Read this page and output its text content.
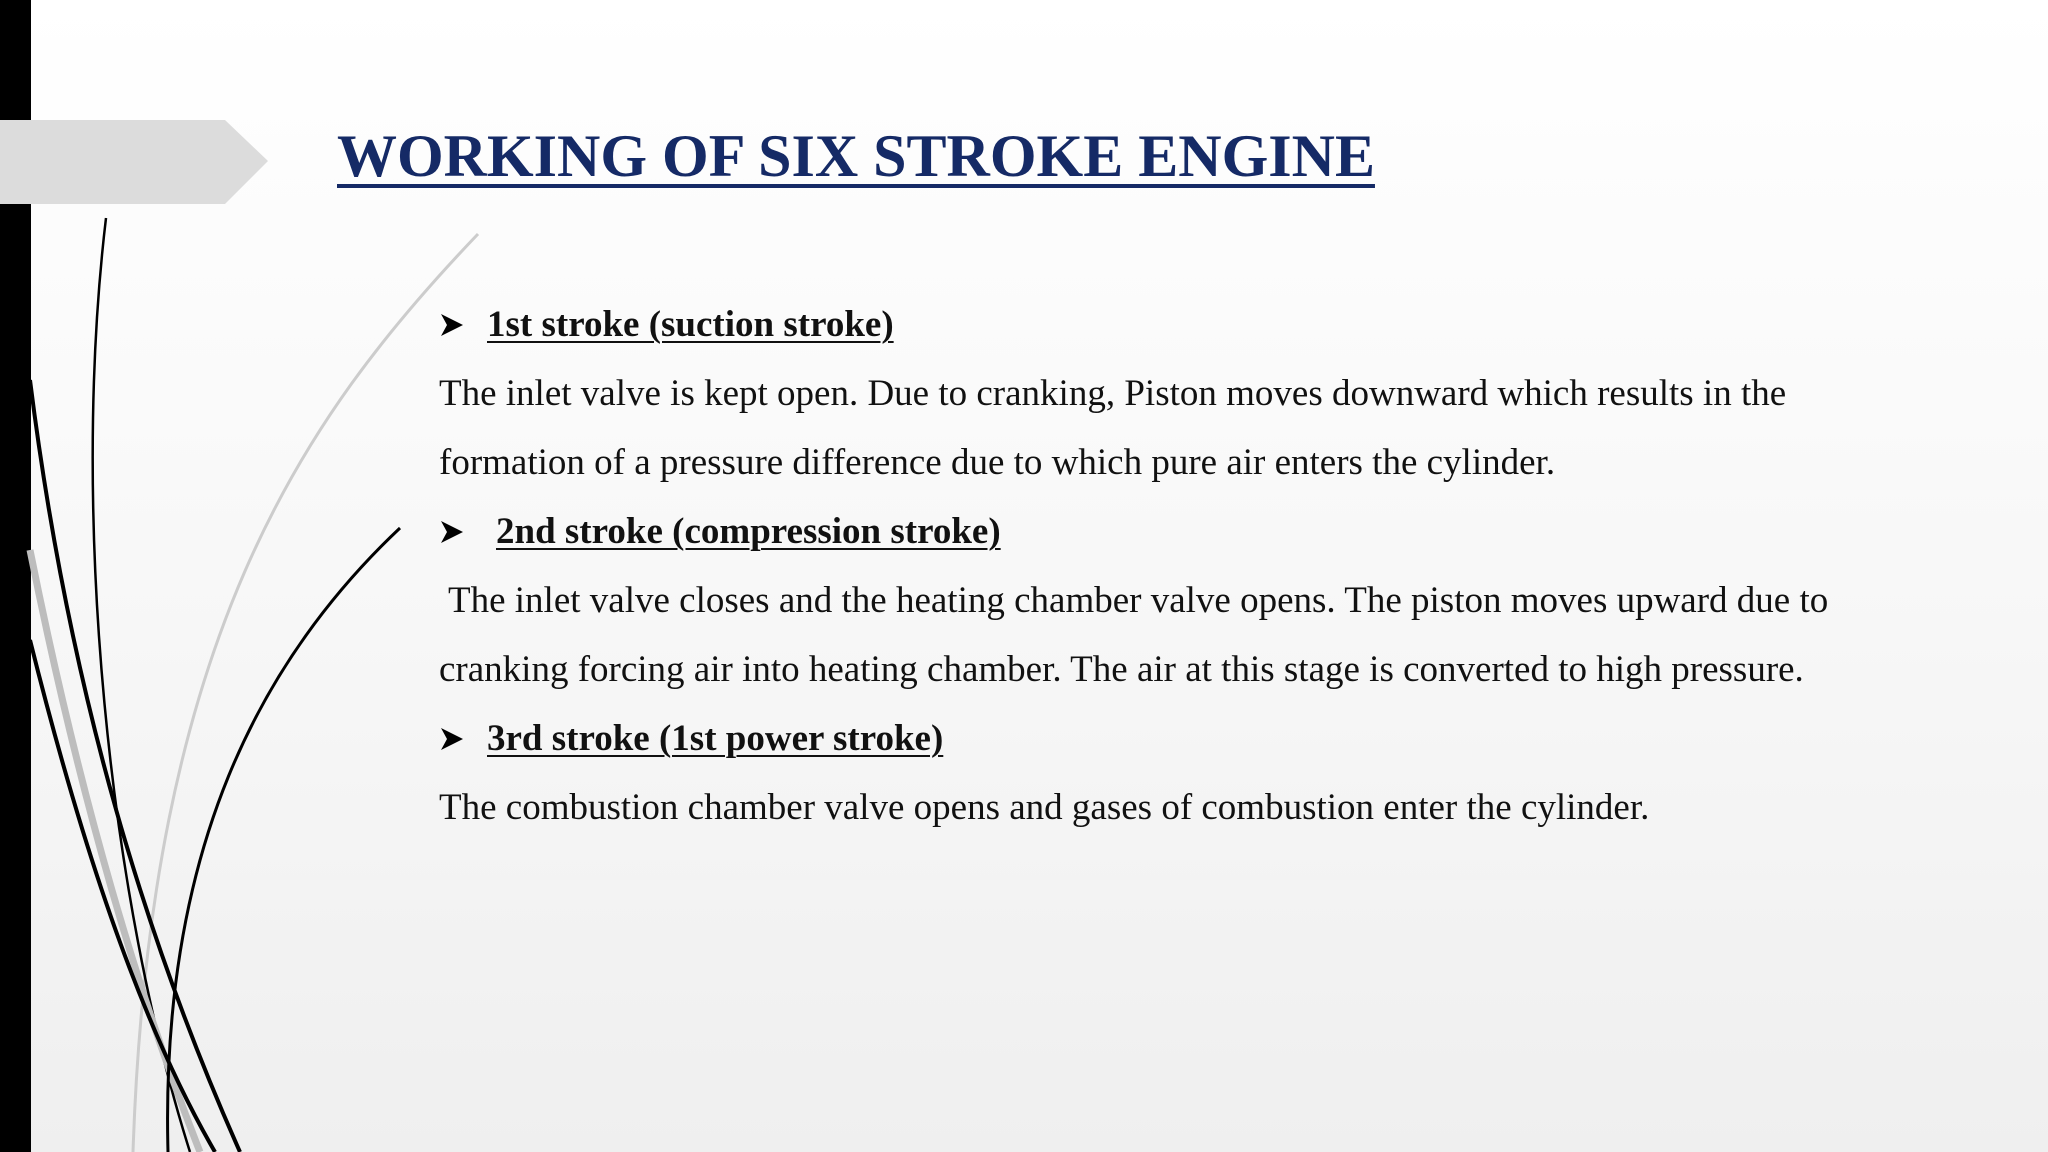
WORKING OF SIX STROKE ENGINE
1st stroke (suction stroke)
The inlet valve is kept open. Due to cranking, Piston moves downward which results in the
formation of a pressure difference due to which pure air enters the cylinder.
2nd stroke (compression stroke)
The inlet valve closes and the heating chamber valve opens. The piston moves upward due to
cranking forcing air into heating chamber. The air at this stage is converted to high pressure.
3rd stroke (1st power stroke)
The combustion chamber valve opens and gases of combustion enter the cylinder.
